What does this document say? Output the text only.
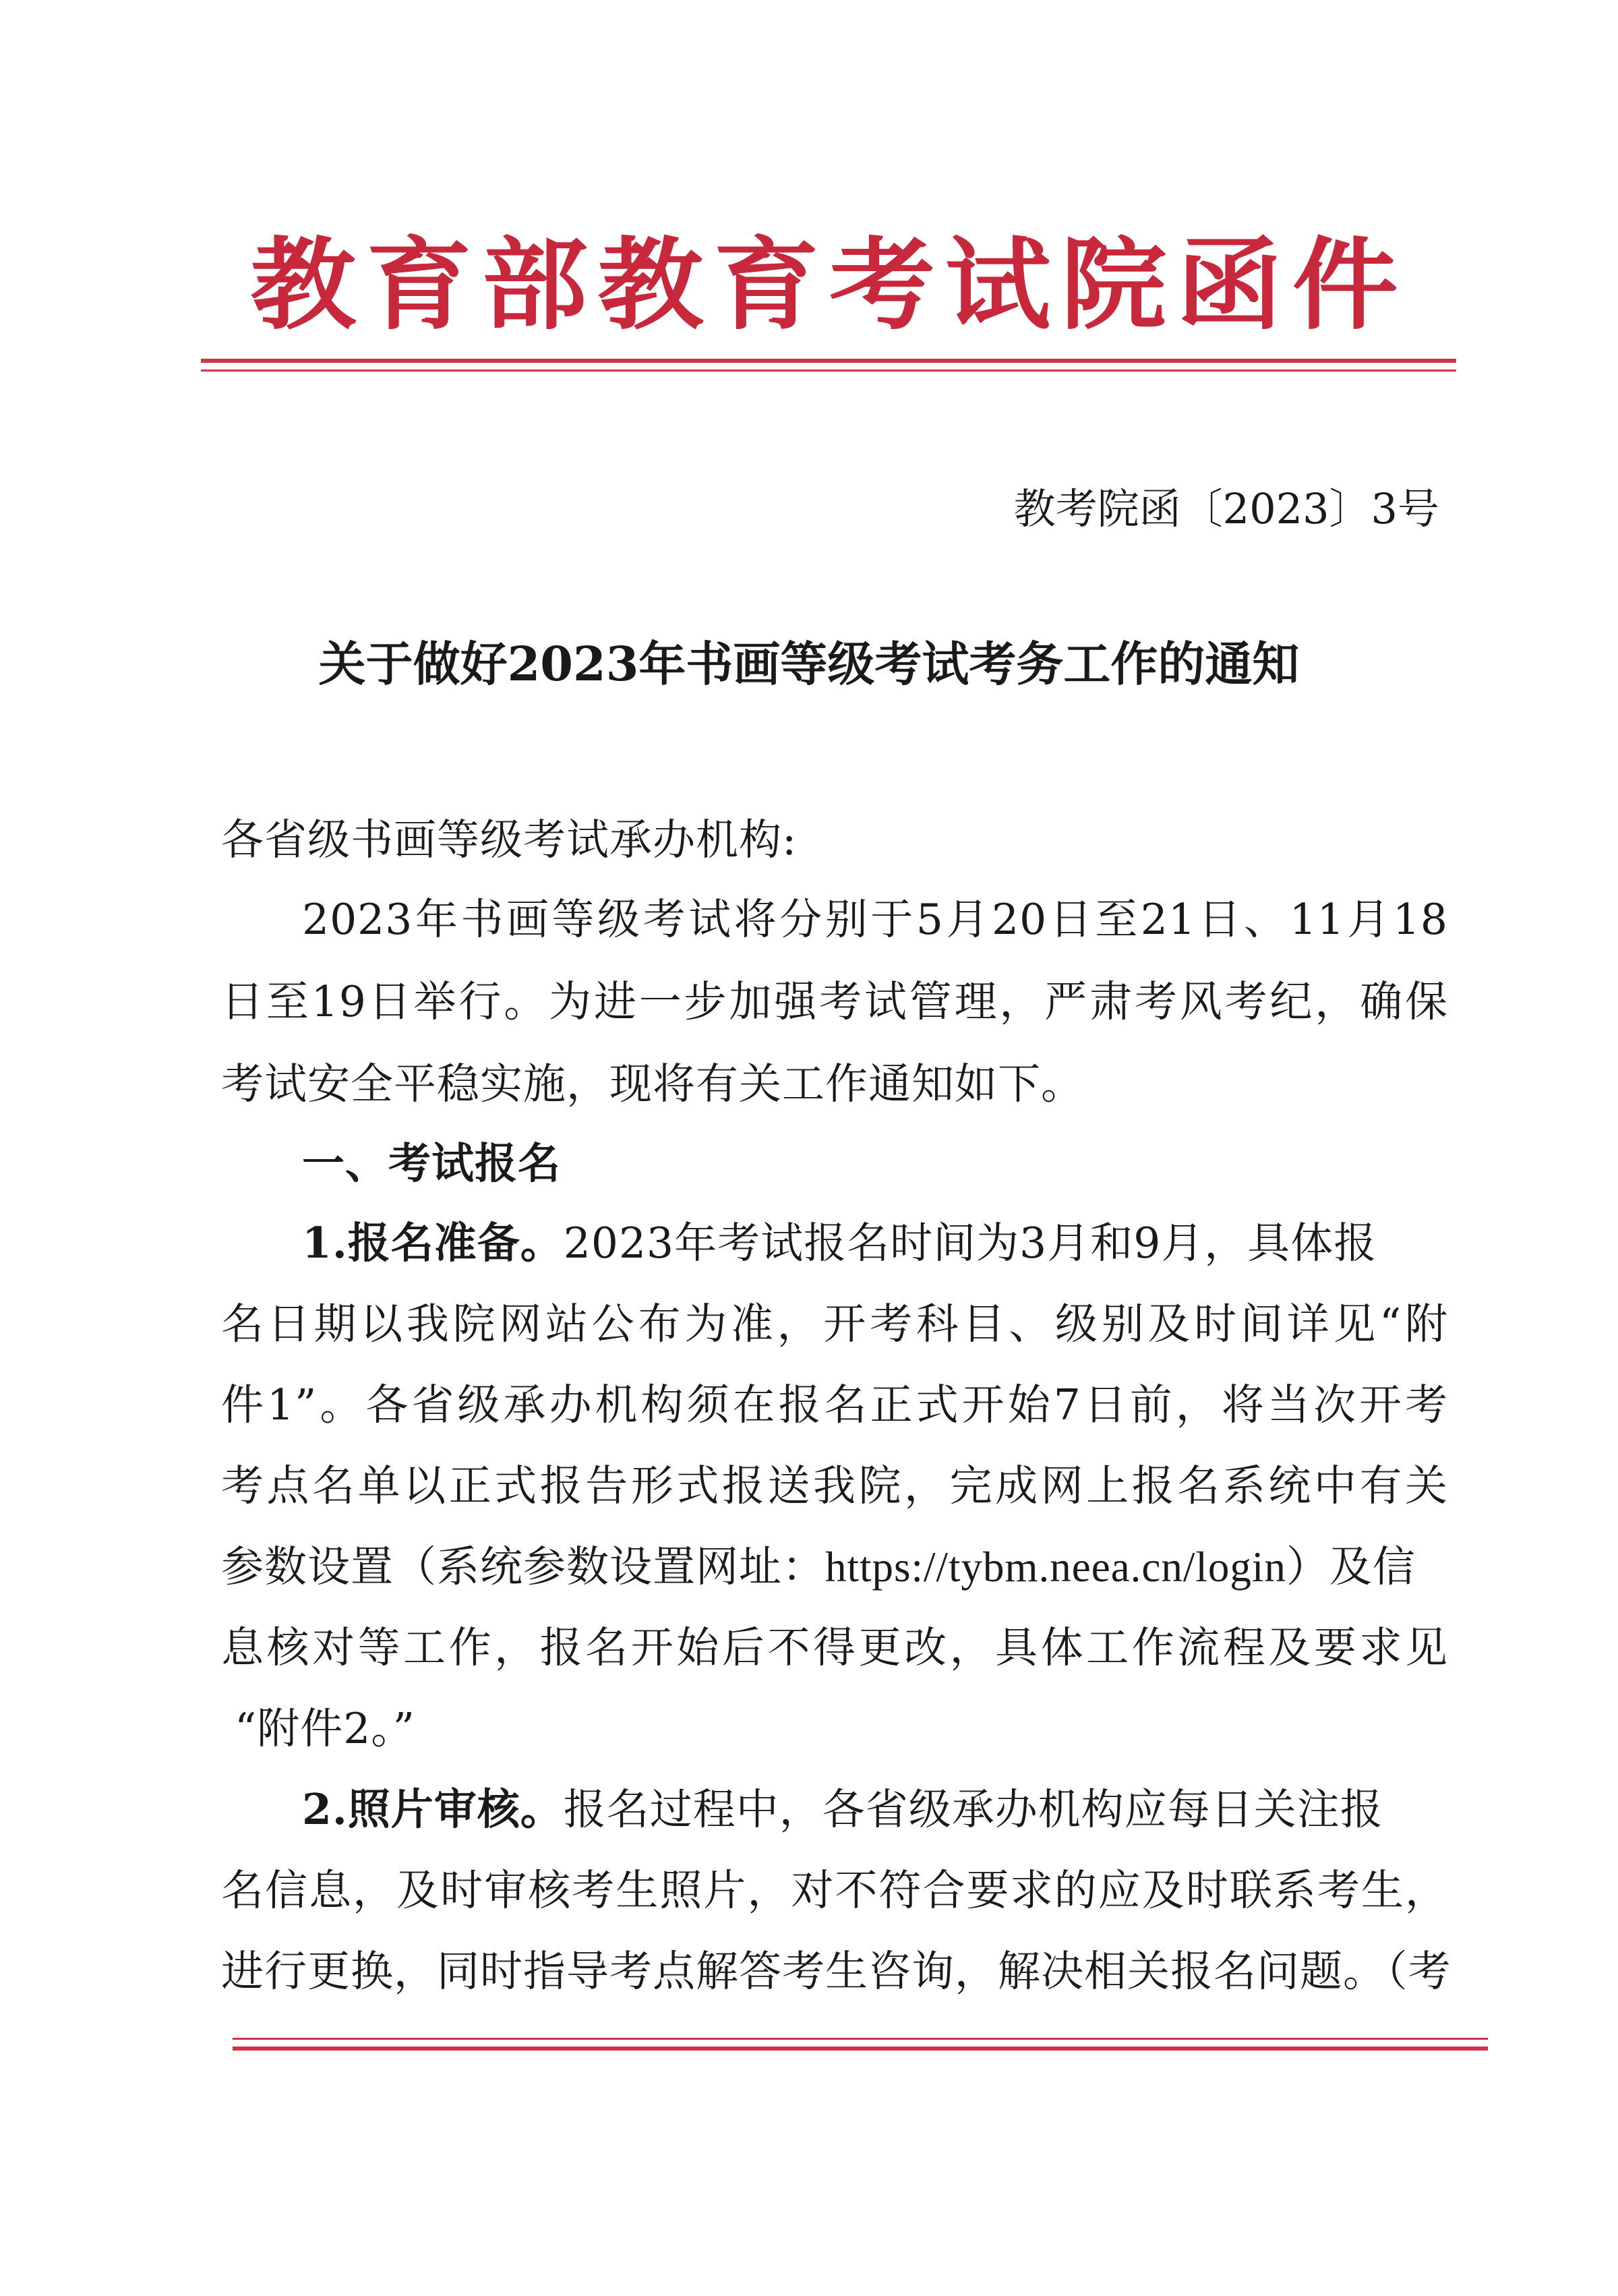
教育部教育考试院函件
教考院函〔2023〕3号
关于做好2023年书画等级考试考务工作的通知
各省级书画等级考试承办机构:
2023年书画等级考试将分别于5月20日至21日、11月18
日至19日举行。为进一步加强考试管理，严肃考风考纪，确保
考试安全平稳实施，现将有关工作通知如下。
一、考试报名
1.报名准备。2023年考试报名时间为3月和9月，具体报
名日期以我院网站公布为准，开考科目、级别及时间详见“附
件1”。各省级承办机构须在报名正式开始7日前，将当次开考
考点名单以正式报告形式报送我院，完成网上报名系统中有关
参数设置（系统参数设置网址：https://tybm.neea.cn/login）及信
息核对等工作，报名开始后不得更改，具体工作流程及要求见
“附件2。”
2.照片审核。报名过程中，各省级承办机构应每日关注报
名信息，及时审核考生照片，对不符合要求的应及时联系考生，
进行更换，同时指导考点解答考生咨询，解决相关报名问题。（考
